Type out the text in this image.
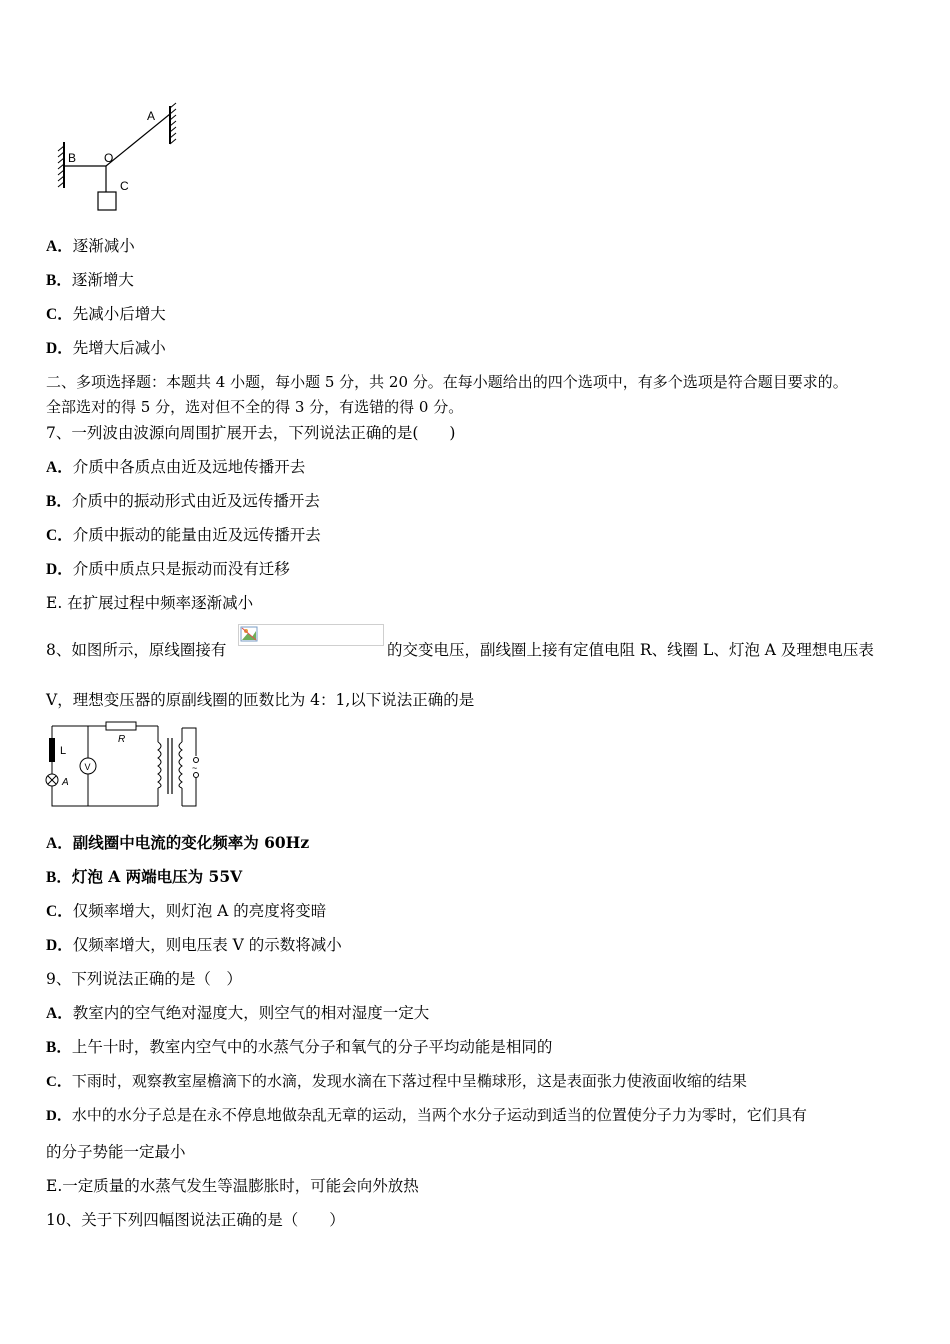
A
B O
C
A．逐渐减小
B．逐渐增大
C．先减小后增大
D．先增大后减小
二、多项选择题：本题共 4 小题，每小题 5 分，共 20 分。在每小题给出的四个选项中，有多个选项是符合题目要求的。
全部选对的得 5 分，选对但不全的得 3 分，有选错的得 0 分。
7、一列波由波源向周围扩展开去，下列说法正确的是(　　)
A．介质中各质点由近及远地传播开去
B．介质中的振动形式由近及远传播开去
C．介质中振动的能量由近及远传播开去
D．介质中质点只是振动而没有迁移
E. 在扩展过程中频率逐渐减小
8、如图所示，原线圈接有	的交变电压，副线圈上接有定值电阻 R、线圈 L、灯泡 A 及理想电压表
V，理想变压器的原副线圈的匝数比为 4：1,以下说法正确的是
V
L
A
R
~
A．副线圈中电流的变化频率为 60Hz
B．灯泡 A 两端电压为 55V
C．仅频率增大，则灯泡 A 的亮度将变暗
D．仅频率增大，则电压表 V 的示数将减小
9、下列说法正确的是（　）
A．教室内的空气绝对湿度大，则空气的相对湿度一定大
B．上午十时，教室内空气中的水蒸气分子和氧气的分子平均动能是相同的
C．下雨时，观察教室屋檐滴下的水滴，发现水滴在下落过程中呈椭球形，这是表面张力使液面收缩的结果
D．水中的水分子总是在永不停息地做杂乱无章的运动，当两个水分子运动到适当的位置使分子力为零时，它们具有
的分子势能一定最小
E.一定质量的水蒸气发生等温膨胀时，可能会向外放热
10、关于下列四幅图说法正确的是（　　）
